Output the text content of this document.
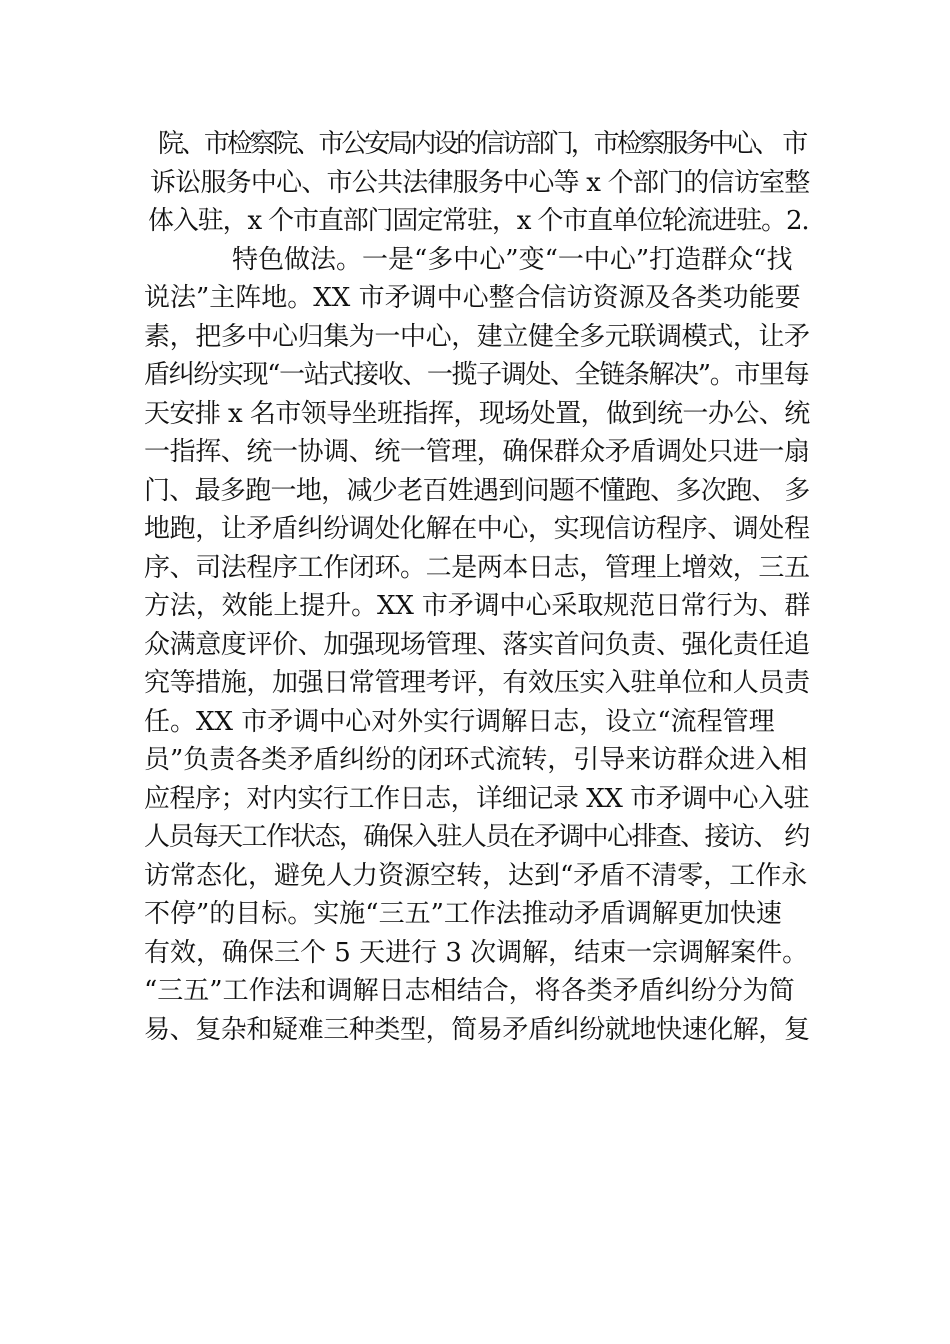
院、市检察院、市公安局内设的信访部门，市检察服务中心、 市
诉讼服务中心、市公共法律服务中心等 x 个部门的信访室整
体入驻，x 个市直部门固定常驻，x 个市直单位轮流进驻。2.
特色做法。一是“多中心”变“一中心”打造群众“找
说法”主阵地。XX 市矛调中心整合信访资源及各类功能要
素，把多中心归集为一中心，建立健全多元联调模式，让矛
盾纠纷实现“一站式接收、一揽子调处、全链条解决”。市里每
天安排 x 名市领导坐班指挥，现场处置，做到统一办公、统
一指挥、统一协调、统一管理，确保群众矛盾调处只进一扇
门、最多跑一地，减少老百姓遇到问题不懂跑、多次跑、 多
地跑，让矛盾纠纷调处化解在中心，实现信访程序、调处程
序、司法程序工作闭环。二是两本日志，管理上增效，三五
方法，效能上提升。XX 市矛调中心采取规范日常行为、群
众满意度评价、加强现场管理、落实首问负责、强化责任追
究等措施，加强日常管理考评，有效压实入驻单位和人员责
任。XX 市矛调中心对外实行调解日志，设立“流程管理
员”负责各类矛盾纠纷的闭环式流转，引导来访群众进入相
应程序；对内实行工作日志，详细记录 XX 市矛调中心入驻
人员每天工作状态，确保入驻人员在矛调中心排查、接访、 约
访常态化，避免人力资源空转，达到“矛盾不清零，工作永
不停”的目标。实施“三五”工作法推动矛盾调解更加快速
有效，确保三个 5 天进行 3 次调解，结束一宗调解案件。
“三五”工作法和调解日志相结合，将各类矛盾纠纷分为简
易、复杂和疑难三种类型，简易矛盾纠纷就地快速化解，复
